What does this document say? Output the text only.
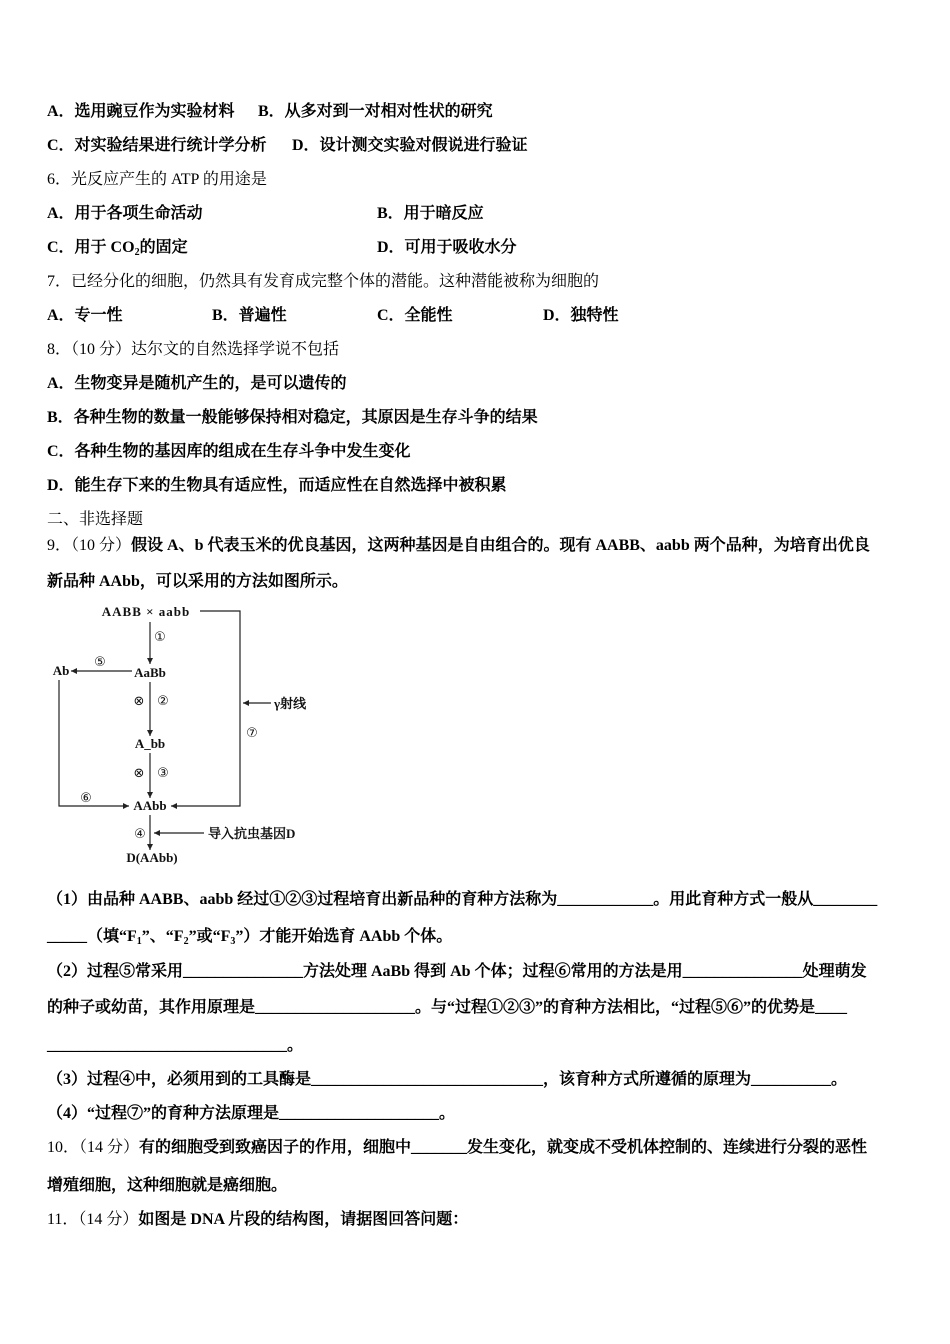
A．选用豌豆作为实验材料 B．从多对到一对相对性状的研究
C．对实验结果进行统计学分析 D．设计测交实验对假说进行验证
6．光反应产生的 ATP 的用途是
A．用于各项生命活动	B．用于暗反应
C．用于 $CO_2$的固定	D．可用于吸收水分
7．已经分化的细胞，仍然具有发育成完整个体的潜能。这种潜能被称为细胞的
A．专一性	B．普遍性	C．全能性	D．独特性
8．（10 分）达尔文的自然选择学说不包括
A．生物变异是随机产生的，是可以遗传的
B．各种生物的数量一般能够保持相对稳定，其原因是生存斗争的结果
C．各种生物的基因库的组成在生存斗争中发生变化
D．能生存下来的生物具有适应性，而适应性在自然选择中被积累
二、非选择题
9．（10 分）假设 A、b 代表玉米的优良基因，这两种基因是自由组合的。现有 AABB、aabb 两个品种，为培育出优良
新品种 AAbb，可以采用的方法如图所示。
AABB × aabb
①
AaBb
⑤
Ab
⊗ ②
A_bb
⊗ ③
⑥	AAbb
γ射线
⑦
④	导入抗虫基因D
D(AAbb)
（1）由品种 AABB、aabb 经过①②③过程培育出新品种的育种方法称为____________。用此育种方式一般从________
_____（填“$F_1$”、“$F_2$”或“$F_3$”）才能开始选育 AAbb 个体。
（2）过程⑤常采用_______________方法处理 AaBb 得到 Ab 个体；过程⑥常用的方法是用_______________处理萌发
的种子或幼苗，其作用原理是____________________。与“过程①②③”的育种方法相比，“过程⑤⑥”的优势是____
______________________________。
（3）过程④中，必须用到的工具酶是_____________________________，该育种方式所遵循的原理为__________。
（4）“过程⑦”的育种方法原理是____________________。
10．（14 分）有的细胞受到致癌因子的作用，细胞中_______发生变化，就变成不受机体控制的、连续进行分裂的恶性
增殖细胞，这种细胞就是癌细胞。
11．（14 分）如图是 DNA 片段的结构图，请据图回答问题：
